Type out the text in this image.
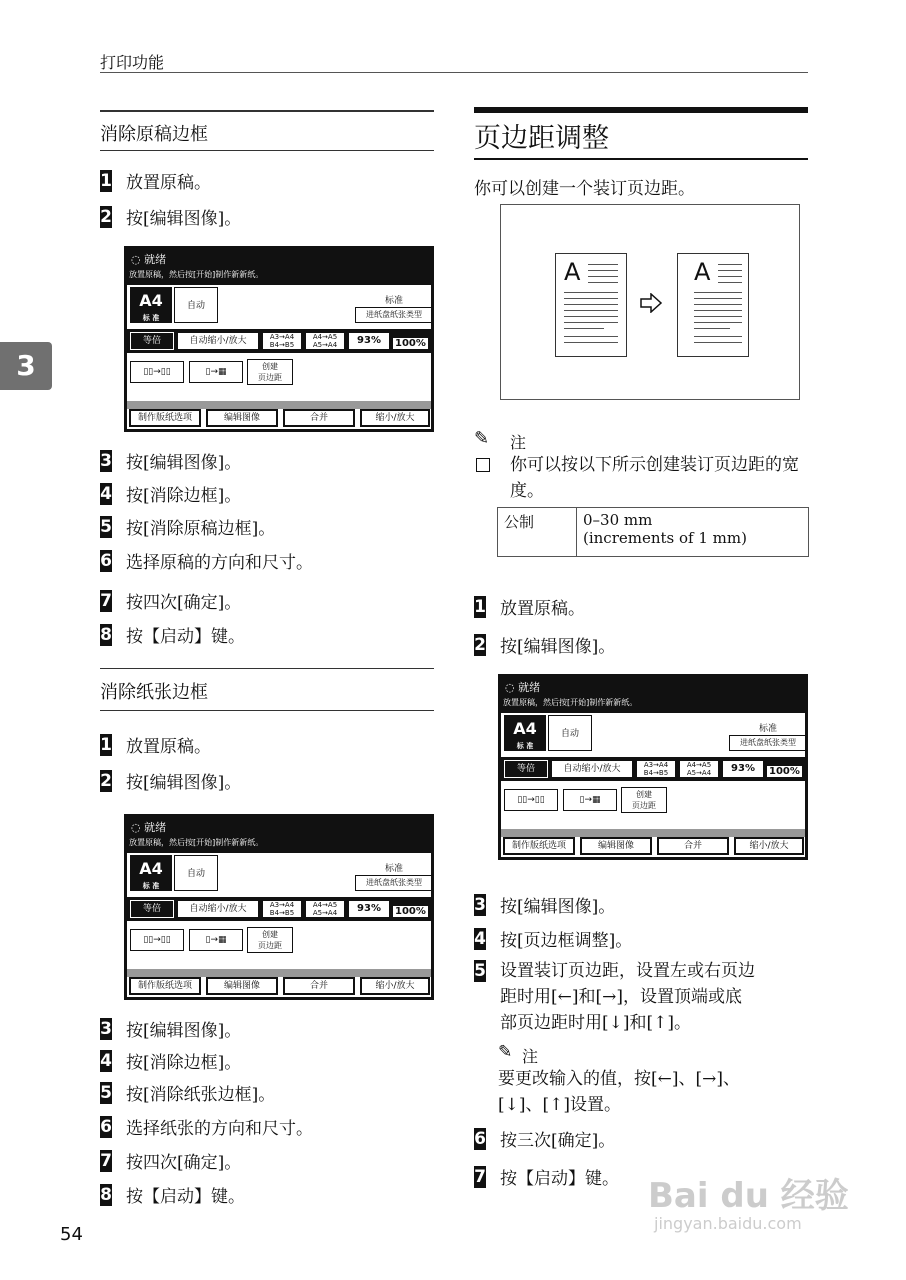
打印功能
3
消除原稿边框
1 放置原稿。
2 按[编辑图像]。
◌ 就绪
放置原稿，然后按[开始]制作新新纸。
A4
标 准
自动	标准
进纸盘纸张类型
等倍	自动缩小/放大	A3→A4
B4→B5
A4→A5
A5→A4	93%	100%
▯▯→▯▯	▯→▦
创建
页边距
制作版纸选项	编辑图像	合并	缩小/放大
3 按[编辑图像]。
4 按[消除边框]。
5 按[消除原稿边框]。
6 选择原稿的方向和尺寸。
7 按四次[确定]。
8 按【启动】键。
消除纸张边框
1 放置原稿。
2 按[编辑图像]。
◌ 就绪
放置原稿，然后按[开始]制作新新纸。
A4
标 准
自动	标准
进纸盘纸张类型
等倍	自动缩小/放大	A3→A4
B4→B5
A4→A5
A5→A4	93%	100%
▯▯→▯▯	▯→▦
创建
页边距
制作版纸选项	编辑图像	合并	缩小/放大
3 按[编辑图像]。
4 按[消除边框]。
5 按[消除纸张边框]。
6 选择纸张的方向和尺寸。
7 按四次[确定]。
8 按【启动】键。
页边距调整
你可以创建一个装订页边距。
A	A
✎ 注
你可以按以下所示创建装订页边距的宽度。
公制	0–30 mm
(increments of 1 mm)
1 放置原稿。
2 按[编辑图像]。
◌ 就绪
放置原稿，然后按[开始]制作新新纸。
A4
标 准
自动	标准
进纸盘纸张类型
等倍	自动缩小/放大	A3→A4
B4→B5
A4→A5
A5→A4	93%	100%
▯▯→▯▯	▯→▦
创建
页边距
制作版纸选项	编辑图像	合并	缩小/放大
3 按[编辑图像]。
4 按[页边框调整]。
5 设置装订页边距，设置左或右页边
距时用[←]和[→]，设置顶端或底
部页边距时用[↓]和[↑]。
✎ 注
要更改输入的值，按[←]、[→]、
[↓]、[↑]设置。
6 按三次[确定]。
7 按【启动】键。 Bai du 经验
jingyan.baidu.com
54
